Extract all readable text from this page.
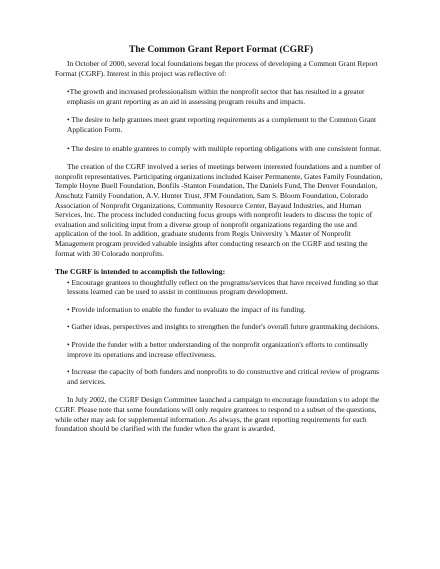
The Common Grant Report Format (CGRF)

In October of 2000, several local foundations began the process of developing a Common Grant Report Format (CGRF). Interest in this project was reflective of:

•The growth and increased professionalism within the nonprofit sector that has resulted in a greater emphasis on grant reporting as an aid in assessing program results and impacts.

• The desire to help grantees meet grant reporting requirements as a complement to the Common Grant Application Form.

• The desire to enable grantees to comply with multiple reporting obligations with one consistent format.

The creation of the CGRF involved a series of meetings between interested foundations and a number of nonprofit representatives. Participating organizations included Kaiser Permanente, Gates Family Foundation, Temple Hoyne Buell Foundation, Bonfils -Stanton Foundation, The Daniels Fund, The Denver Foundation, Anschutz Family Foundation, A.V. Hunter Trust, JFM Foundation, Sam S. Bloom Foundation, Colorado Association of Nonprofit Organizations, Community Resource Center, Bayaud Industries, and Human Services, Inc. The process included conducting focus groups with nonprofit leaders to discuss the topic of evaluation and soliciting input from a diverse group of nonprofit organizations regarding the use and application of the tool. In addition, graduate students from Regis University 's Master of Nonprofit Management program provided valuable insights after conducting research on the CGRF and testing the format with 30 Colorado nonprofits.

The CGRF is intended to accomplish the following:

• Encourage grantees to thoughtfully reflect on the programs/services that have received funding so that lessons learned can be used to assist in continuous program development.

• Provide information to enable the funder to evaluate the impact of its funding.

• Gather ideas, perspectives and insights to strengthen the funder's overall future grantmaking decisions.

• Provide the funder with a better understanding of the nonprofit organization's efforts to continually improve its operations and increase effectiveness.

• Increase the capacity of both funders and nonprofits to do constructive and critical review of programs and services.

In July 2002, the CGRF Design Committee launched a campaign to encourage foundation s to adopt the CGRF. Please note that some foundations will only require grantees to respond to a subset of the questions, while other may ask for supplemental information. As always, the grant reporting requirements for each foundation should be clarified with the funder when the grant is awarded.
